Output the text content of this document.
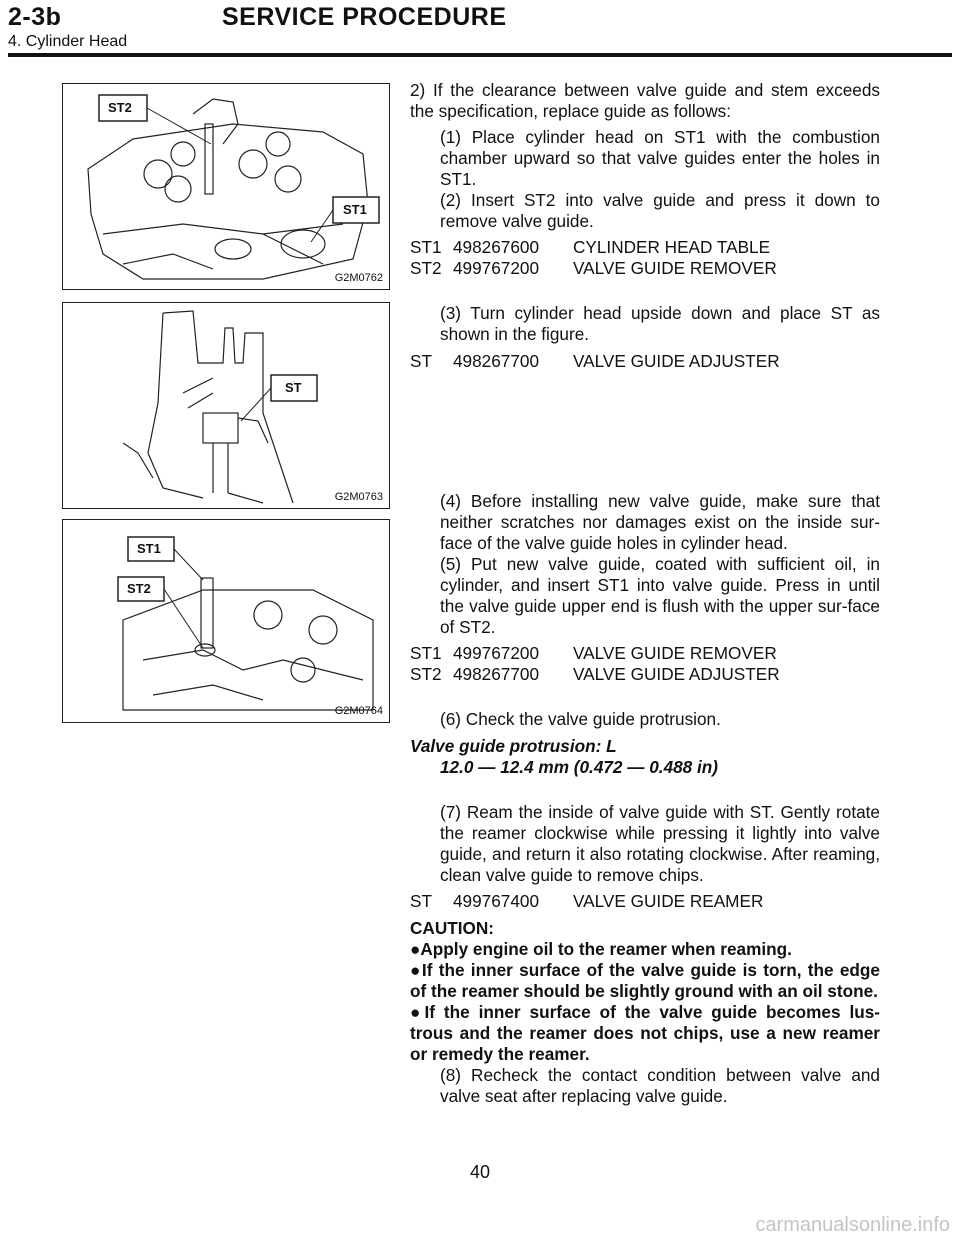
2-3b	SERVICE PROCEDURE
4. Cylinder Head
ST2
ST1
G2M0762
ST
G2M0763
ST1
ST2
G2M0764

2) If the clearance between valve guide and stem exceeds the specification, replace guide as follows:

(1) Place cylinder head on ST1 with the combustion chamber upward so that valve guides enter the holes in ST1.

(2) Insert ST2 into valve guide and press it down to remove valve guide.

ST1 498267600	CYLINDER HEAD TABLE
ST2 499767200	VALVE GUIDE REMOVER

(3) Turn cylinder head upside down and place ST as shown in the figure.

ST	498267700	VALVE GUIDE ADJUSTER

(4) Before installing new valve guide, make sure that neither scratches nor damages exist on the inside sur-face of the valve guide holes in cylinder head.

(5) Put new valve guide, coated with sufficient oil, in cylinder, and insert ST1 into valve guide. Press in until the valve guide upper end is flush with the upper sur-face of ST2.

ST1 499767200	VALVE GUIDE REMOVER
ST2 498267700	VALVE GUIDE ADJUSTER

(6) Check the valve guide protrusion.

Valve guide protrusion: L

12.0 — 12.4 mm (0.472 — 0.488 in)

(7) Ream the inside of valve guide with ST. Gently rotate the reamer clockwise while pressing it lightly into valve guide, and return it also rotating clockwise. After reaming, clean valve guide to remove chips.

ST	499767400	VALVE GUIDE REAMER

CAUTION:

●Apply engine oil to the reamer when reaming.

●If the inner surface of the valve guide is torn, the edge of the reamer should be slightly ground with an oil stone.

●If the inner surface of the valve guide becomes lus-trous and the reamer does not chips, use a new reamer or remedy the reamer.

(8) Recheck the contact condition between valve and valve seat after replacing valve guide.

40
carmanualsonline.info
